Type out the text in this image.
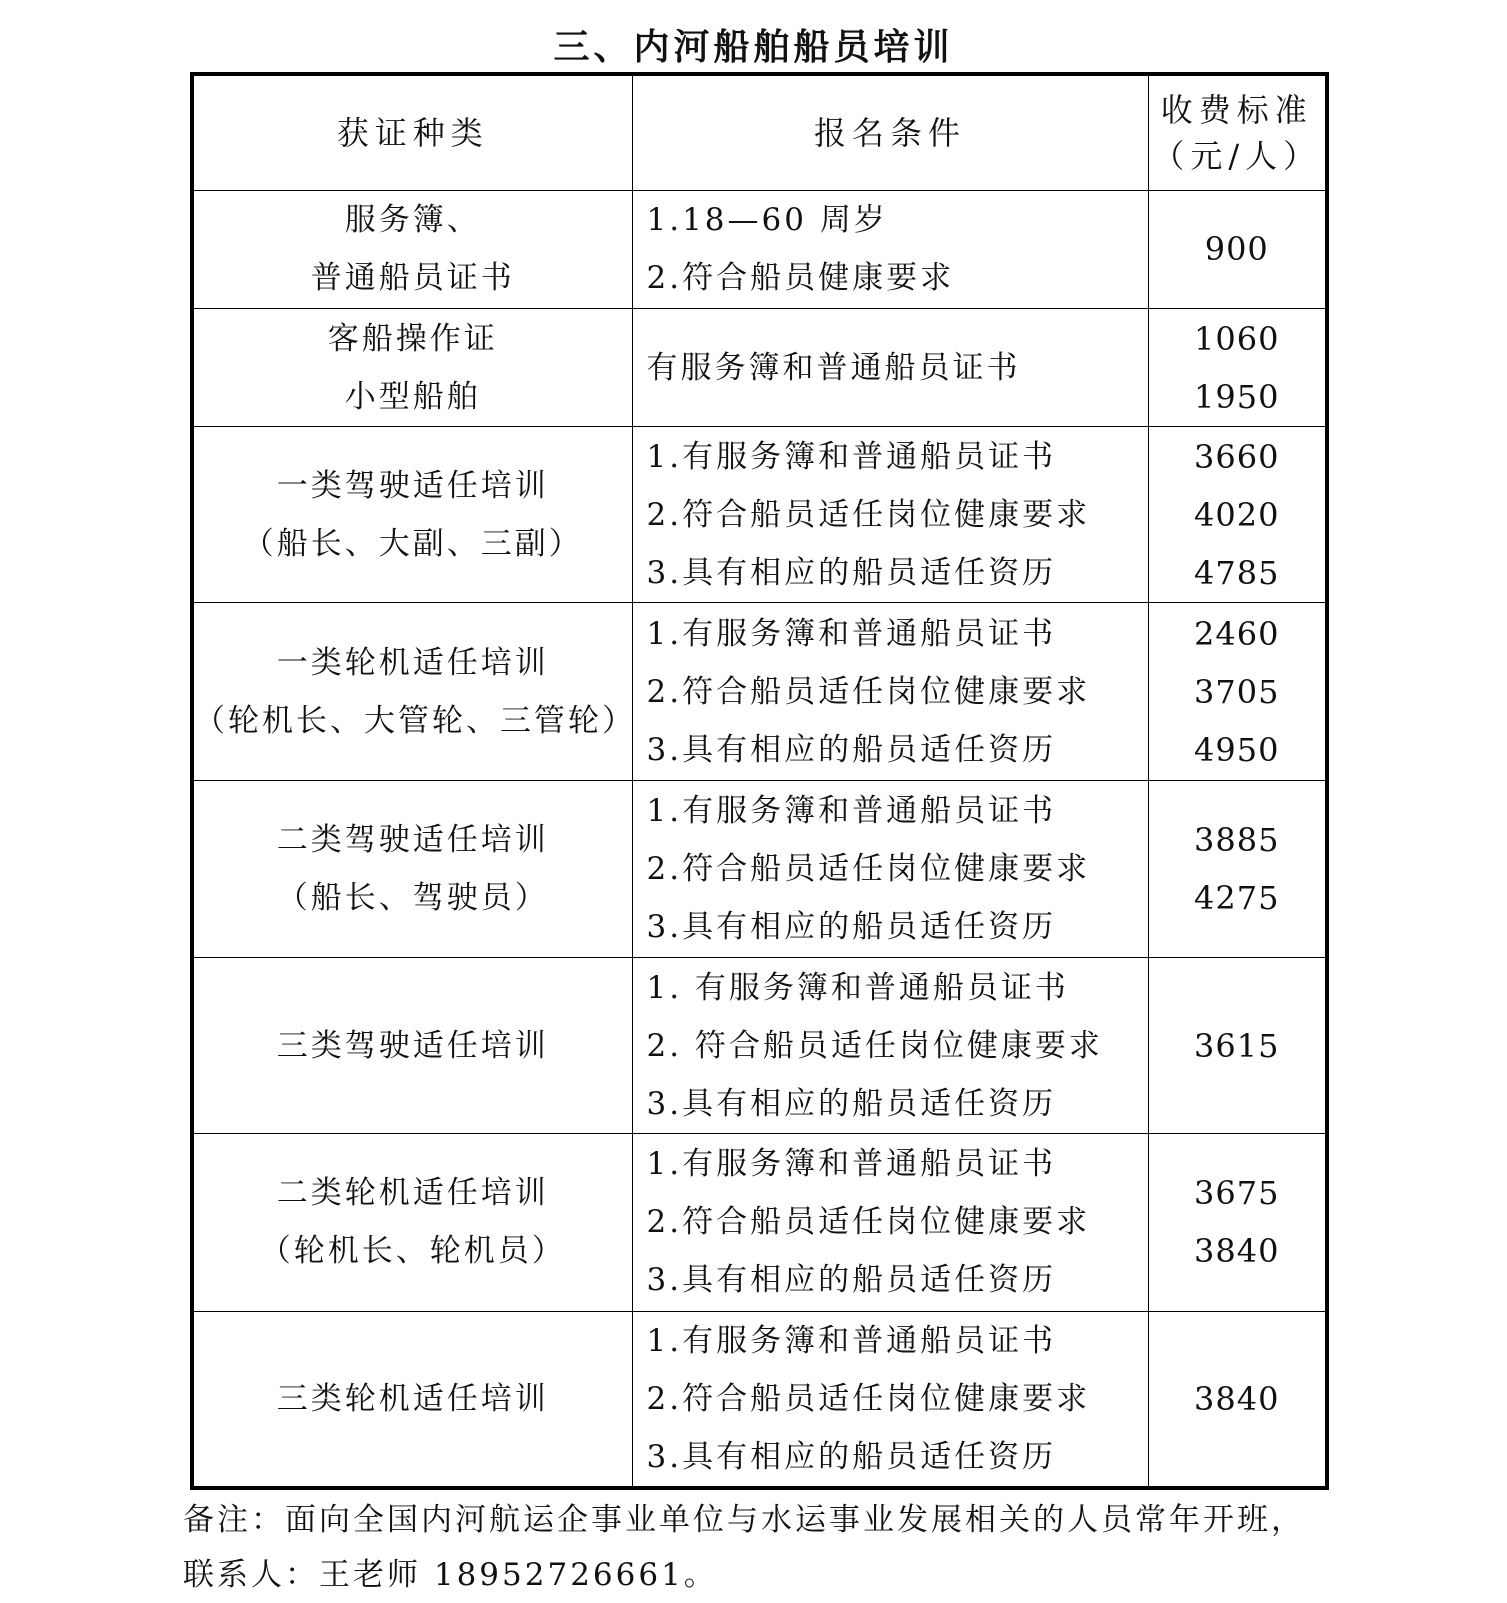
三、内河船舶船员培训
获证种类	报名条件	收费标准
（元/人）

服务簿、
普通船员证书	1.18—60 周岁
2.符合船员健康要求	900

客船操作证
小型船舶	有服务簿和普通船员证书	1060
1950

一类驾驶适任培训
（船长、大副、三副）	1.有服务簿和普通船员证书
2.符合船员适任岗位健康要求
3.具有相应的船员适任资历	3660
4020
4785

一类轮机适任培训
（轮机长、大管轮、三管轮）	1.有服务簿和普通船员证书
2.符合船员适任岗位健康要求
3.具有相应的船员适任资历	2460
3705
4950

二类驾驶适任培训
（船长、驾驶员）	1.有服务簿和普通船员证书
2.符合船员适任岗位健康要求
3.具有相应的船员适任资历	3885
4275

三类驾驶适任培训	1. 有服务簿和普通船员证书
2. 符合船员适任岗位健康要求
3.具有相应的船员适任资历	3615

二类轮机适任培训
（轮机长、轮机员）	1.有服务簿和普通船员证书
2.符合船员适任岗位健康要求
3.具有相应的船员适任资历	3675
3840

三类轮机适任培训	1.有服务簿和普通船员证书
2.符合船员适任岗位健康要求
3.具有相应的船员适任资历	3840
备注：面向全国内河航运企事业单位与水运事业发展相关的人员常年开班，
联系人：王老师 18952726661。
